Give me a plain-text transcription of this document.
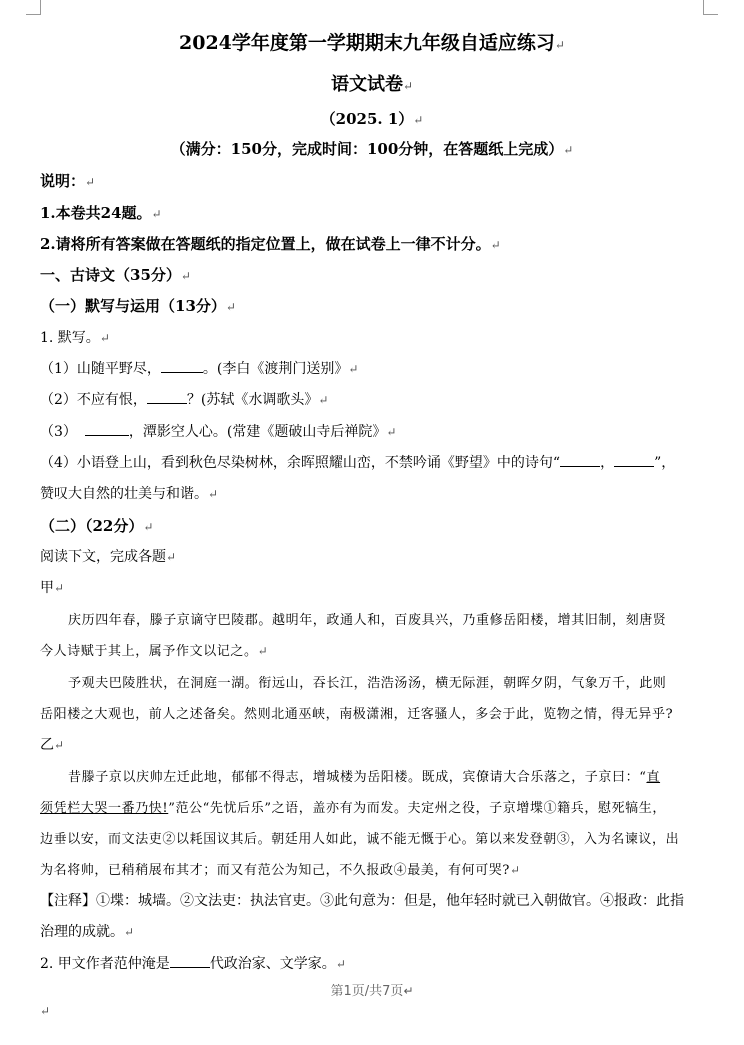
2024学年度第一学期期末九年级自适应练习↵
语文试卷↵
（2025. 1）↵
（满分：150分，完成时间：100分钟，在答题纸上完成）↵
说明：↵
1.本卷共24题。↵
2.请将所有答案做在答题纸的指定位置上，做在试卷上一律不计分。↵
一、古诗文（35分）↵
（一）默写与运用（13分）↵
1. 默写。↵
（1）山随平野尽，	。(李白《渡荆门送别》↵
（2）不应有恨，	？(苏轼《水调歌头》↵
（3）	，潭影空人心。(常建《题破山寺后禅院》↵
（4）小语登上山，看到秋色尽染树林，余晖照耀山峦，不禁吟诵《野望》中的诗句“	，	”，
赞叹大自然的壮美与和谐。↵
（二）（22分）↵
阅读下文，完成各题↵
甲↵
庆历四年春，滕子京谪守巴陵郡。越明年，政通人和，百废具兴，乃重修岳阳楼，增其旧制，刻唐贤
今人诗赋于其上，属予作文以记之。↵
予观夫巴陵胜状，在洞庭一湖。衔远山，吞长江，浩浩汤汤，横无际涯，朝晖夕阴，气象万千，此则
岳阳楼之大观也，前人之述备矣。然则北通巫峡，南极潇湘，迁客骚人，多会于此，览物之情，得无异乎?
乙↵
昔滕子京以庆帅左迁此地，郁郁不得志，增城楼为岳阳楼。既成，宾僚请大合乐落之，子京曰：“直
须凭栏大哭一番乃快!”范公“先忧后乐”之语，盖亦有为而发。夫定州之役，子京增堞①籍兵，慰死犒生，
边垂以安，而文法吏②以耗国议其后。朝廷用人如此，诚不能无慨于心。第以来发登朝③，入为名谏议，出
为名将帅，已稍稍展布其才；而又有范公为知己，不久报政④最美，有何可哭?↵
【注释】①堞：城墙。②文法吏：执法官吏。③此句意为：但是，他年轻时就已入朝做官。④报政：此指
治理的成就。↵
2. 甲文作者范仲淹是	代政治家、文学家。↵
第1页/共7页↵
↵
